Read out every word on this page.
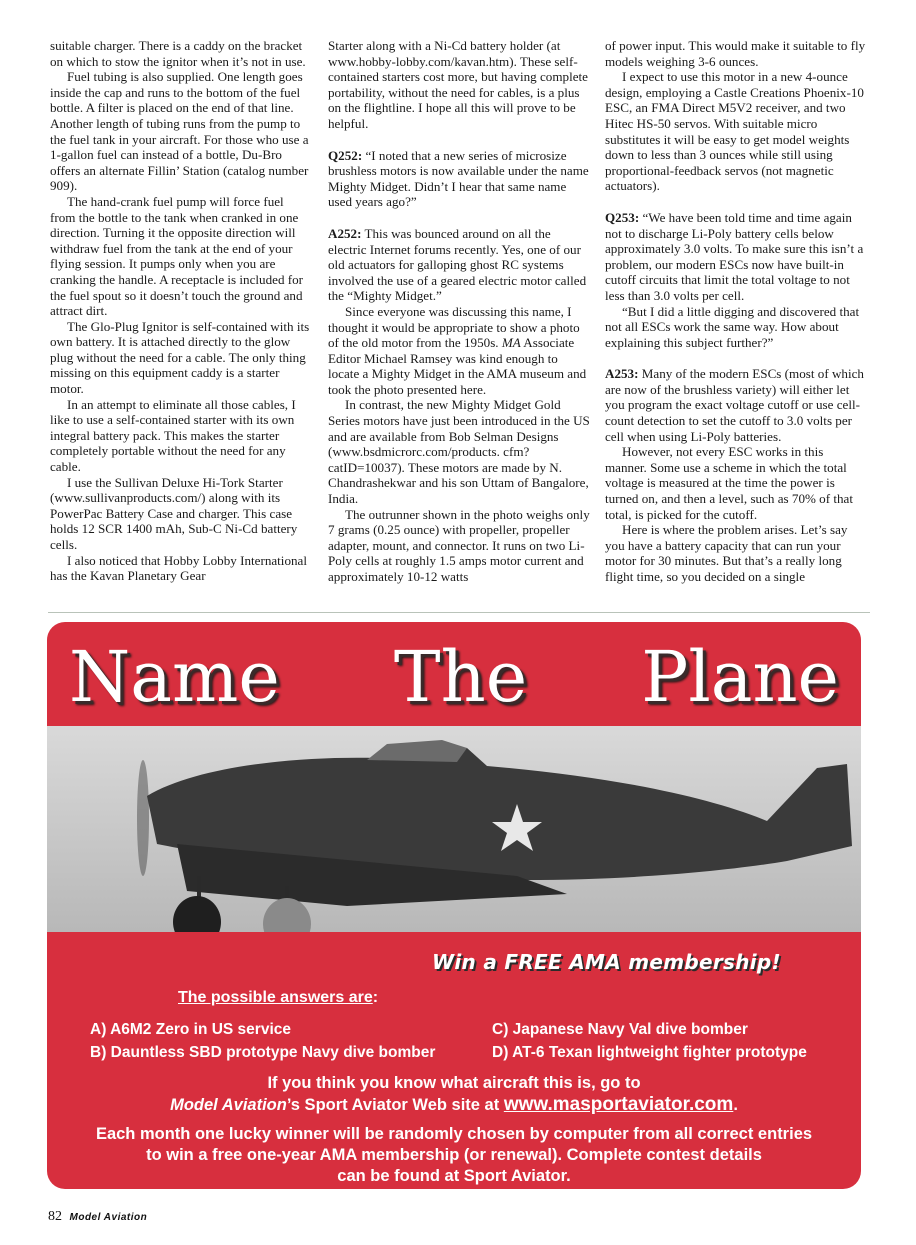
suitable charger. There is a caddy on the bracket on which to stow the ignitor when it’s not in use.

Fuel tubing is also supplied. One length goes inside the cap and runs to the bottom of the fuel bottle. A filter is placed on the end of that line. Another length of tubing runs from the pump to the fuel tank in your aircraft. For those who use a 1-gallon fuel can instead of a bottle, Du-Bro offers an alternate Fillin’ Station (catalog number 909).

The hand-crank fuel pump will force fuel from the bottle to the tank when cranked in one direction. Turning it the opposite direction will withdraw fuel from the tank at the end of your flying session. It pumps only when you are cranking the handle. A receptacle is included for the fuel spout so it doesn’t touch the ground and attract dirt.

The Glo-Plug Ignitor is self-contained with its own battery. It is attached directly to the glow plug without the need for a cable. The only thing missing on this equipment caddy is a starter motor.

In an attempt to eliminate all those cables, I like to use a self-contained starter with its own integral battery pack. This makes the starter completely portable without the need for any cable.

I use the Sullivan Deluxe Hi-Tork Starter (www.sullivanproducts.com/) along with its PowerPac Battery Case and charger. This case holds 12 SCR 1400 mAh, Sub-C Ni-Cd battery cells.

I also noticed that Hobby Lobby International has the Kavan Planetary Gear

Starter along with a Ni-Cd battery holder (at www.hobby-lobby.com/kavan.htm). These self-contained starters cost more, but having complete portability, without the need for cables, is a plus on the flightline. I hope all this will prove to be helpful.

Q252: “I noted that a new series of microsize brushless motors is now available under the name Mighty Midget. Didn’t I hear that same name used years ago?”

A252: This was bounced around on all the electric Internet forums recently. Yes, one of our old actuators for galloping ghost RC systems involved the use of a geared electric motor called the “Mighty Midget.”

Since everyone was discussing this name, I thought it would be appropriate to show a photo of the old motor from the 1950s. MA Associate Editor Michael Ramsey was kind enough to locate a Mighty Midget in the AMA museum and took the photo presented here.

In contrast, the new Mighty Midget Gold Series motors have just been introduced in the US and are available from Bob Selman Designs (www.bsdmicrorc.com/products. cfm?catID=10037). These motors are made by N. Chandrashekwar and his son Uttam of Bangalore, India.

The outrunner shown in the photo weighs only 7 grams (0.25 ounce) with propeller, propeller adapter, mount, and connector. It runs on two Li-Poly cells at roughly 1.5 amps motor current and approximately 10-12 watts

of power input. This would make it suitable to fly models weighing 3-6 ounces.

I expect to use this motor in a new 4-ounce design, employing a Castle Creations Phoenix-10 ESC, an FMA Direct M5V2 receiver, and two Hitec HS-50 servos. With suitable micro substitutes it will be easy to get model weights down to less than 3 ounces while still using proportional-feedback servos (not magnetic actuators).

Q253: “We have been told time and time again not to discharge Li-Poly battery cells below approximately 3.0 volts. To make sure this isn’t a problem, our modern ESCs now have built-in cutoff circuits that limit the total voltage to not less than 3.0 volts per cell.

“But I did a little digging and discovered that not all ESCs work the same way. How about explaining this subject further?”

A253: Many of the modern ESCs (most of which are now of the brushless variety) will either let you program the exact voltage cutoff or use cell-count detection to set the cutoff to 3.0 volts per cell when using Li-Poly batteries.

However, not every ESC works in this manner. Some use a scheme in which the total voltage is measured at the time the power is turned on, and then a level, such as 70% of that total, is picked for the cutoff.

Here is where the problem arises. Let’s say you have a battery capacity that can run your motor for 30 minutes. But that’s a really long flight time, so you decided on a single

Name The Plane
Win a FREE AMA membership!
The possible answers are:
A) A6M2 Zero in US service
B) Dauntless SBD prototype Navy dive bomber
C) Japanese Navy Val dive bomber
D) AT-6 Texan lightweight fighter prototype
If you think you know what aircraft this is, go to
Model Aviation’s Sport Aviator Web site at www.masportaviator.com.
Each month one lucky winner will be randomly chosen by computer from all correct entries
to win a free one-year AMA membership (or renewal). Complete contest details
can be found at Sport Aviator.
82 Model Aviation
